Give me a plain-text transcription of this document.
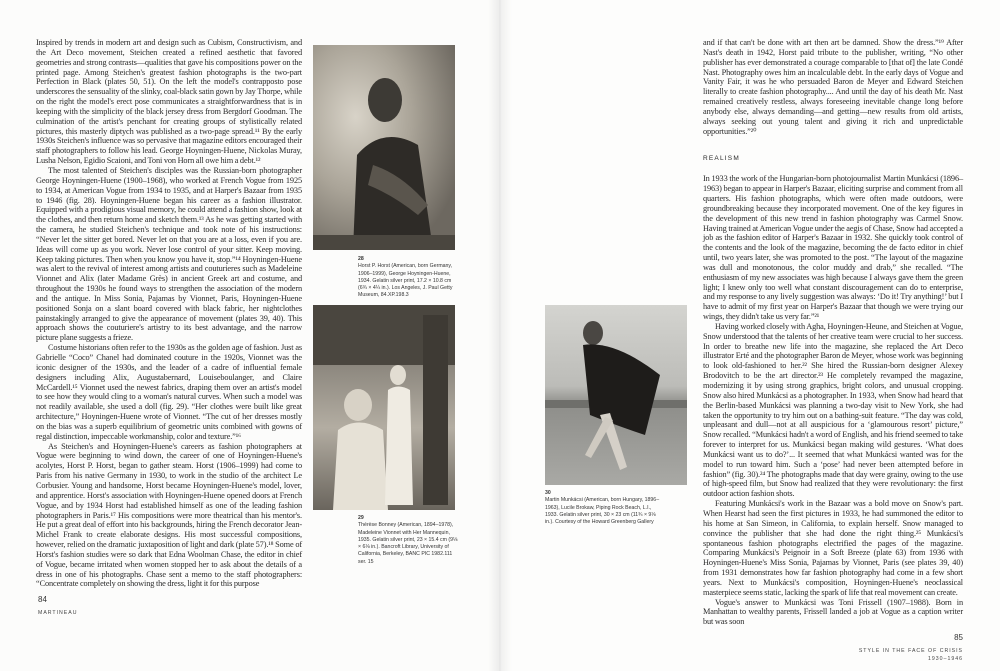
Inspired by trends in modern art and design such as Cubism, Constructivism, and the Art Deco movement, Steichen created a refined aesthetic that favored geometries and strong contrasts—qualities that gave his compositions power on the printed page. Among Steichen's greatest fashion photographs is the two-part Perfection in Black (plates 50, 51). On the left the model's contrapposto pose underscores the sensuality of the slinky, coal-black satin gown by Jay Thorpe, while on the right the model's erect pose communicates a straightforwardness that is in keeping with the simplicity of the black jersey dress from Bergdorf Goodman. The culmination of the artist's penchant for creating groups of stylistically related pictures, this masterly diptych was published as a two-page spread.¹¹ By the early 1930s Steichen's influence was so pervasive that magazine editors encouraged their staff photographers to follow his lead. George Hoyningen-Huene, Nickolas Muray, Lusha Nelson, Egidio Scaioni, and Toni von Horn all owe him a debt.¹²

The most talented of Steichen's disciples was the Russian-born photographer George Hoyningen-Huene (1900–1968), who worked at French Vogue from 1925 to 1934, at American Vogue from 1934 to 1935, and at Harper's Bazaar from 1935 to 1946 (fig. 28). Hoyningen-Huene began his career as a fashion illustrator. Equipped with a prodigious visual memory, he could attend a fashion show, look at the clothes, and then return home and sketch them.¹³ As he was getting started with the camera, he studied Steichen's technique and took note of his instructions: “Never let the sitter get bored. Never let on that you are at a loss, even if you are. Ideas will come up as you work. Never lose control of your sitter. Keep moving. Keep taking pictures. Then when you know you have it, stop.”¹⁴ Hoyningen-Huene was alert to the revival of interest among artists and couturieres such as Madeleine Vionnet and Alix (later Madame Grès) in ancient Greek art and costume, and throughout the 1930s he found ways to strengthen the association of the modern and the antique. In Miss Sonia, Pajamas by Vionnet, Paris, Hoyningen-Huene positioned Sonja on a slant board covered with black fabric, her nightclothes painstakingly arranged to give the appearance of movement (plates 39, 40). This approach shows the couturiere's artistry to its best advantage, and the narrow picture plane suggests a frieze.

Costume historians often refer to the 1930s as the golden age of fashion. Just as Gabrielle “Coco” Chanel had dominated couture in the 1920s, Vionnet was the iconic designer of the 1930s, and the leader of a cadre of influential female designers including Alix, Augustabernard, Louiseboulanger, and Claire McCardell.¹⁵ Vionnet used the newest fabrics, draping them over an artist's model to see how they would cling to a woman's natural curves. When such a model was not readily available, she used a doll (fig. 29). “Her clothes were built like great architecture,” Hoyningen-Huene wrote of Vionnet. “The cut of her dresses mostly on the bias was a superb equilibrium of geometric units combined with gowns of regal distinction, impeccable workmanship, color and texture.”¹⁶

As Steichen's and Hoyningen-Huene's careers as fashion photographers at Vogue were beginning to wind down, the career of one of Hoyningen-Huene's acolytes, Horst P. Horst, began to gather steam. Horst (1906–1999) had come to Paris from his native Germany in 1930, to work in the studio of the architect Le Corbusier. Young and handsome, Horst became Hoyningen-Huene's model, lover, and apprentice. Horst's association with Hoyningen-Huene opened doors at French Vogue, and by 1934 Horst had established himself as one of the leading fashion photographers in Paris.¹⁷ His compositions were more theatrical than his mentor's. He put a great deal of effort into his backgrounds, hiring the French decorator Jean-Michel Frank to create elaborate designs. His most successful compositions, however, relied on the dramatic juxtaposition of light and dark (plate 57).¹⁸ Some of Horst's fashion studies were so dark that Edna Woolman Chase, the editor in chief of Vogue, became irritated when women stopped her to ask about the details of a dress in one of his photographs. Chase sent a memo to the staff photographers: “Concentrate completely on showing the dress, light it for this purpose

28
Horst P. Horst (American, born Germany, 1906–1999), George Hoyningen-Huene, 1934. Gelatin silver print, 17.2 × 10.8 cm (6¾ × 4¼ in.). Los Angeles, J. Paul Getty Museum, 84.XP.198.3
29
Thérèse Bonney (American, 1894–1978), Madeleine Vionnet with Her Mannequin, 1935. Gelatin silver print, 23 × 15.4 cm (9⅛ × 6⅛ in.). Bancroft Library, University of California, Berkeley, BANC PIC 1982.111 ser. 15
84
MARTINEAU
30
Martin Munkácsi (American, born Hungary, 1896–1963), Lucile Brokaw, Piping Rock Beach, L.I., 1933. Gelatin silver print, 30 × 23 cm (11¾ × 9⅛ in.). Courtesy of the Howard Greenberg Gallery
85
STYLE IN THE FACE OF CRISIS
1930–1946

and if that can't be done with art then art be damned. Show the dress.”¹⁹ After Nast's death in 1942, Horst paid tribute to the publisher, writing, “No other publisher has ever demonstrated a courage comparable to [that of] the late Condé Nast. Photography owes him an incalculable debt. In the early days of Vogue and Vanity Fair, it was he who persuaded Baron de Meyer and Edward Steichen literally to create fashion photography.... And until the day of his death Mr. Nast remained creatively restless, always foreseeing inevitable change long before anybody else, always demanding—and getting—new results from old artists, always seeking out young talent and giving it rich and unpredictable opportunities.”²⁰

REALISM

In 1933 the work of the Hungarian-born photojournalist Martin Munkácsi (1896–1963) began to appear in Harper's Bazaar, eliciting surprise and comment from all quarters. His fashion photographs, which were often made outdoors, were groundbreaking because they incorporated movement. One of the key figures in the development of this new trend in fashion photography was Carmel Snow. Having trained at American Vogue under the aegis of Chase, Snow had accepted a job as the fashion editor of Harper's Bazaar in 1932. She quickly took control of the contents and the look of the magazine, becoming the de facto editor in chief until, two years later, she was promoted to the post. “The layout of the magazine was dull and monotonous, the color muddy and drab,” she recalled. “The enthusiasm of my new associates was high because I always gave them the green light; I knew only too well what constant discouragement can do to enterprise, and my response to any lively suggestion was always: ‘Do it! Try anything!’ but I have to admit of my first year on Harper's Bazaar that though we were trying our wings, they didn't take us very far.”²¹

Having worked closely with Agha, Hoyningen-Heune, and Steichen at Vogue, Snow understood that the talents of her creative team were crucial to her success. In order to breathe new life into the magazine, she replaced the Art Deco illustrator Erté and the photographer Baron de Meyer, whose work was beginning to look old-fashioned to her.²² She hired the Russian-born designer Alexey Brodovitch to be the art director.²³ He completely revamped the magazine, modernizing it by using strong graphics, bright colors, and unusual cropping. Snow also hired Munkácsi as a photographer. In 1933, when Snow had heard that the Berlin-based Munkácsi was planning a two-day visit to New York, she had taken the opportunity to try him out on a bathing-suit feature. “The day was cold, unpleasant and dull—not at all auspicious for a ‘glamourous resort’ picture,” Snow recalled. “Munkácsi hadn't a word of English, and his friend seemed to take forever to interpret for us. Munkácsi began making wild gestures. ‘What does Munkácsi want us to do?’... It seemed that what Munkácsi wanted was for the model to run toward him. Such a ‘pose’ had never been attempted before in fashion” (fig. 30).²⁴ The photographs made that day were grainy, owing to the use of high-speed film, but Snow had realized that they were revolutionary: the first outdoor action fashion shots.

Featuring Munkácsi's work in the Bazaar was a bold move on Snow's part. When Hearst had seen the first pictures in 1933, he had summoned the editor to his home at San Simeon, in California, to explain herself. Snow managed to convince the publisher that she had done the right thing.²⁵ Munkácsi's spontaneous fashion photographs electrified the pages of the magazine. Comparing Munkácsi's Peignoir in a Soft Breeze (plate 63) from 1936 with Hoyningen-Huene's Miss Sonia, Pajamas by Vionnet, Paris (see plates 39, 40) from 1931 demonstrates how far fashion photography had come in a few short years. Next to Munkácsi's composition, Hoyningen-Huene's neoclassical masterpiece seems static, lacking the spark of life that real movement can create.

Vogue's answer to Munkácsi was Toni Frissell (1907–1988). Born in Manhattan to wealthy parents, Frissell landed a job at Vogue as a caption writer but was soon
